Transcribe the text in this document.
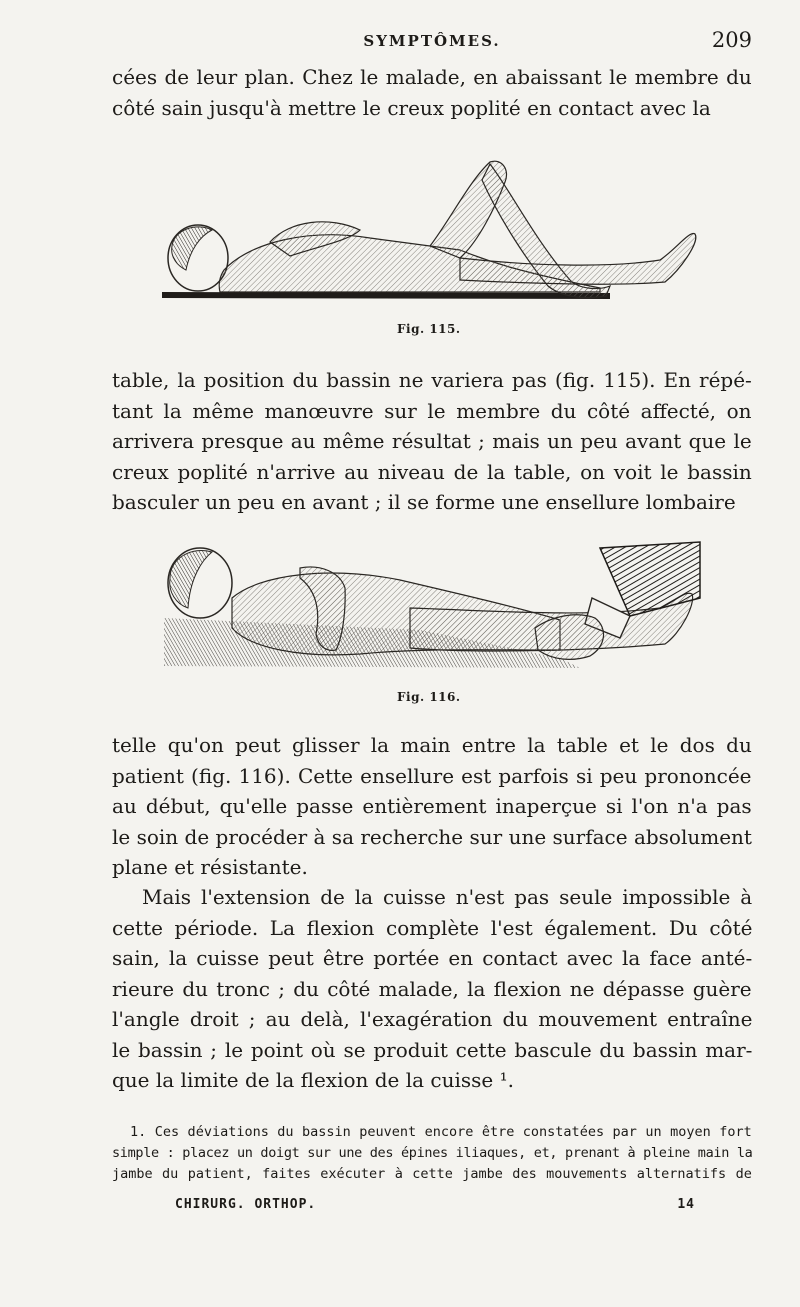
SYMPTÔMES.	209
cées de leur plan. Chez le malade, en abaissant le membre du
côté sain jusqu'à mettre le creux poplité en contact avec la
Fig. 115.
table, la position du bassin ne variera pas (fig. 115). En répé-
tant la même manœuvre sur le membre du côté affecté, on
arrivera presque au même résultat ; mais un peu avant que le
creux poplité n'arrive au niveau de la table, on voit le bassin
basculer un peu en avant ; il se forme une ensellure lombaire
Fig. 116.
telle qu'on peut glisser la main entre la table et le dos du
patient (fig. 116). Cette ensellure est parfois si peu prononcée
au début, qu'elle passe entièrement inaperçue si l'on n'a pas
le soin de procéder à sa recherche sur une surface absolument
plane et résistante.
Mais l'extension de la cuisse n'est pas seule impossible à
cette période. La flexion complète l'est également. Du côté
sain, la cuisse peut être portée en contact avec la face anté-
rieure du tronc ; du côté malade, la flexion ne dépasse guère
l'angle droit ; au delà, l'exagération du mouvement entraîne
le bassin ; le point où se produit cette bascule du bassin mar-
que la limite de la flexion de la cuisse ¹.
1. Ces déviations du bassin peuvent encore être constatées par un moyen fort
simple : placez un doigt sur une des épines iliaques, et, prenant à pleine main la
jambe du patient, faites exécuter à cette jambe des mouvements alternatifs de
CHIRURG. ORTHOP.	14
